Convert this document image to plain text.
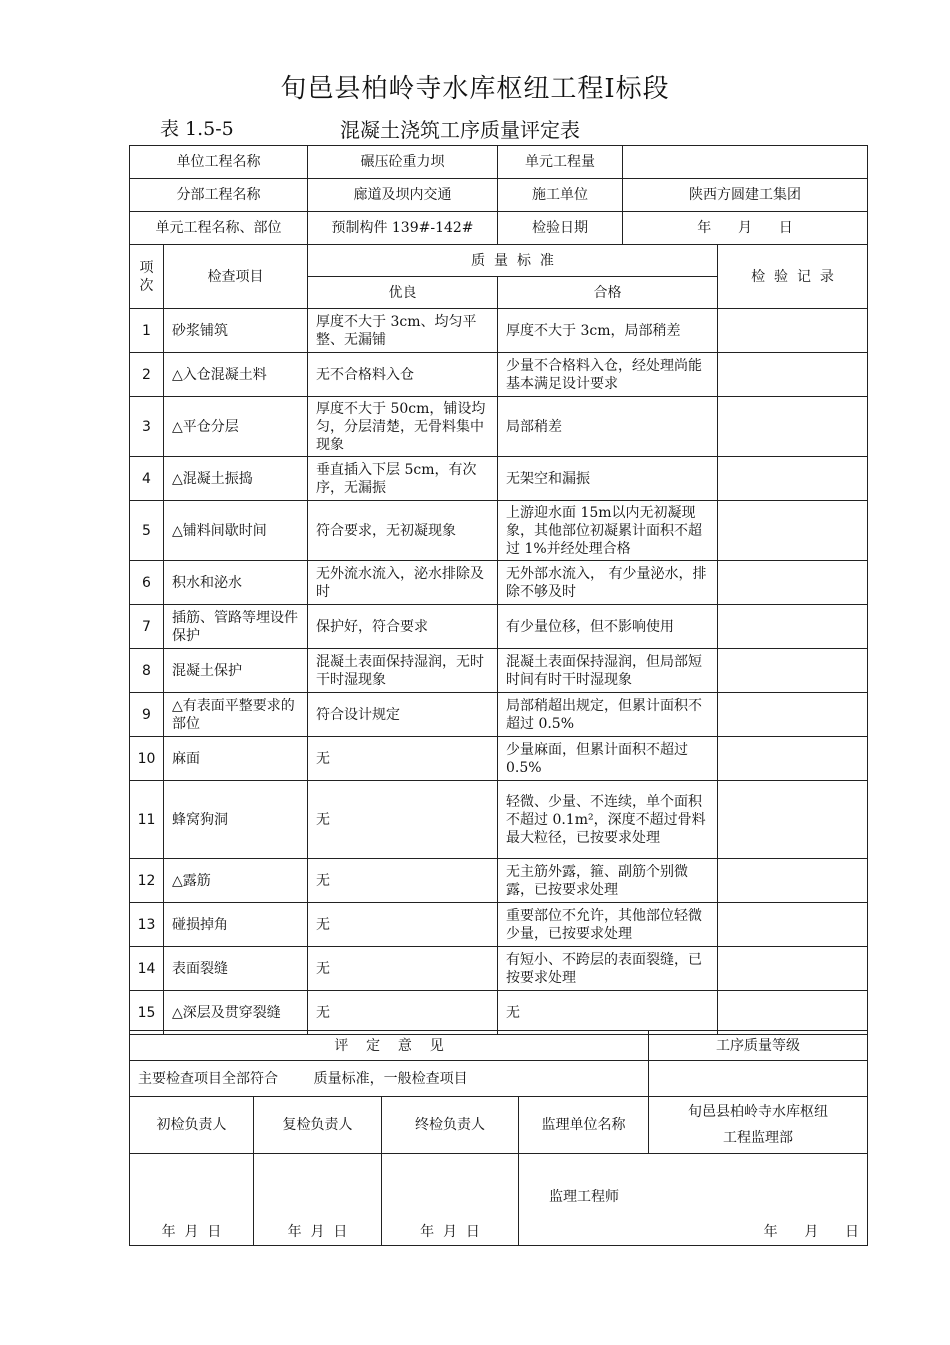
旬邑县柏岭寺水库枢纽工程Ⅰ标段
表 1.5-5	混凝土浇筑工序质量评定表
单位工程名称		碾压砼重力坝	单元工程量		
分部工程名称		廊道及坝内交通	施工单位	陕西方圆建工集团	
单元工程名称、部位		预制构件 139#-142#	检验日期	年      月      日	
项次	检查项目	质  量  标  准			检  验  记  录
		优良	合格		
1	砂浆铺筑	厚度不大于 3cm、均匀平整、无漏铺	厚度不大于 3cm，局部稍差		
2	△入仓混凝土料	无不合格料入仓	少量不合格料入仓，经处理尚能基本满足设计要求		
3	△平仓分层	厚度不大于 50cm，铺设均匀，分层清楚，无骨料集中现象	局部稍差		
4	△混凝土振捣	垂直插入下层 5cm，有次序，无漏振	无架空和漏振		
5	△铺料间歇时间	符合要求，无初凝现象	上游迎水面 15m以内无初凝现象，其他部位初凝累计面积不超过 1%并经处理合格		
6	积水和泌水	无外流水流入，泌水排除及时	无外部水流入， 有少量泌水，排除不够及时		
7	插筋、管路等埋设件保护	保护好，符合要求	有少量位移，但不影响使用		
8	混凝土保护	混凝土表面保持湿润，无时干时湿现象	混凝土表面保持湿润，但局部短时间有时干时湿现象		
9	△有表面平整要求的部位	符合设计规定	局部稍超出规定，但累计面积不超过 0.5%		
10	麻面	无	少量麻面，但累计面积不超过 0.5%		
11	蜂窝狗洞	无	轻微、少量、不连续，单个面积不超过 0.1m²，深度不超过骨料最大粒径，已按要求处理		
12	△露筋	无	无主筋外露，箍、副筋个别微露，已按要求处理		
13	碰损掉角	无	重要部位不允许，其他部位轻微少量，已按要求处理		
14	表面裂缝	无	有短小、不跨层的表面裂缝，已按要求处理		
15	△深层及贯穿裂缝	无	无		
评    定    意    见				工序质量等级
主要检查项目全部符合        质量标准，一般检查项目				
初检负责人	复检负责人	终检负责人	监理单位名称	旬邑县柏岭寺水库枢纽
工程监理部

年  月  日	年  月  日	年  月  日	监理工程师
年      月      日	
